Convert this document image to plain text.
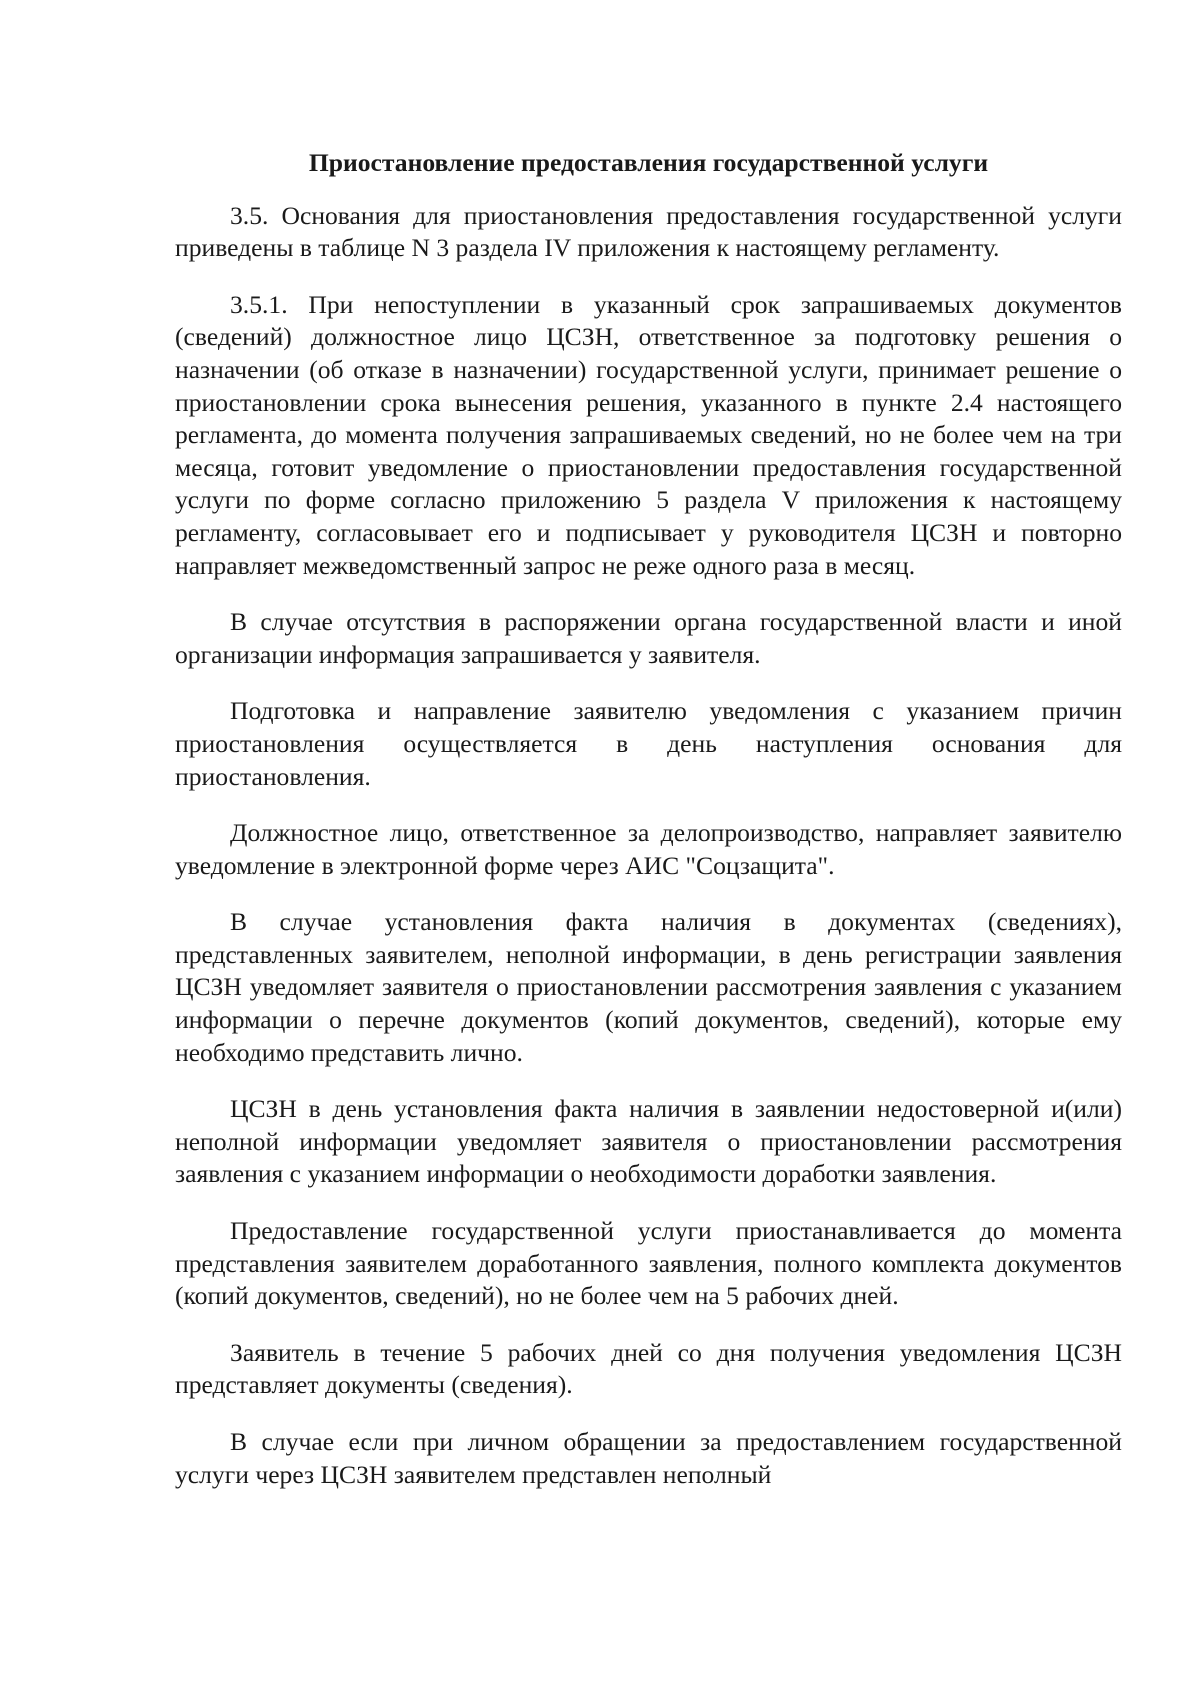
Приостановление предоставления государственной услуги

3.5. Основания для приостановления предоставления государственной услуги приведены в таблице N 3 раздела IV приложения к настоящему регламенту.

3.5.1. При непоступлении в указанный срок запрашиваемых документов (сведений) должностное лицо ЦСЗН, ответственное за подготовку решения о назначении (об отказе в назначении) государственной услуги, принимает решение о приостановлении срока вынесения решения, указанного в пункте 2.4 настоящего регламента, до момента получения запрашиваемых сведений, но не более чем на три месяца, готовит уведомление о приостановлении предоставления государственной услуги по форме согласно приложению 5 раздела V приложения к настоящему регламенту, согласовывает его и подписывает у руководителя ЦСЗН и повторно направляет межведомственный запрос не реже одного раза в месяц.

В случае отсутствия в распоряжении органа государственной власти и иной организации информация запрашивается у заявителя.

Подготовка и направление заявителю уведомления с указанием причин приостановления осуществляется в день наступления основания для приостановления.

Должностное лицо, ответственное за делопроизводство, направляет заявителю уведомление в электронной форме через АИС "Соцзащита".

В случае установления факта наличия в документах (сведениях), представленных заявителем, неполной информации, в день регистрации заявления ЦСЗН уведомляет заявителя о приостановлении рассмотрения заявления с указанием информации о перечне документов (копий документов, сведений), которые ему необходимо представить лично.

ЦСЗН в день установления факта наличия в заявлении недостоверной и(или) неполной информации уведомляет заявителя о приостановлении рассмотрения заявления с указанием информации о необходимости доработки заявления.

Предоставление государственной услуги приостанавливается до момента представления заявителем доработанного заявления, полного комплекта документов (копий документов, сведений), но не более чем на 5 рабочих дней.

Заявитель в течение 5 рабочих дней со дня получения уведомления ЦСЗН представляет документы (сведения).

В случае если при личном обращении за предоставлением государственной услуги через ЦСЗН заявителем представлен неполный
